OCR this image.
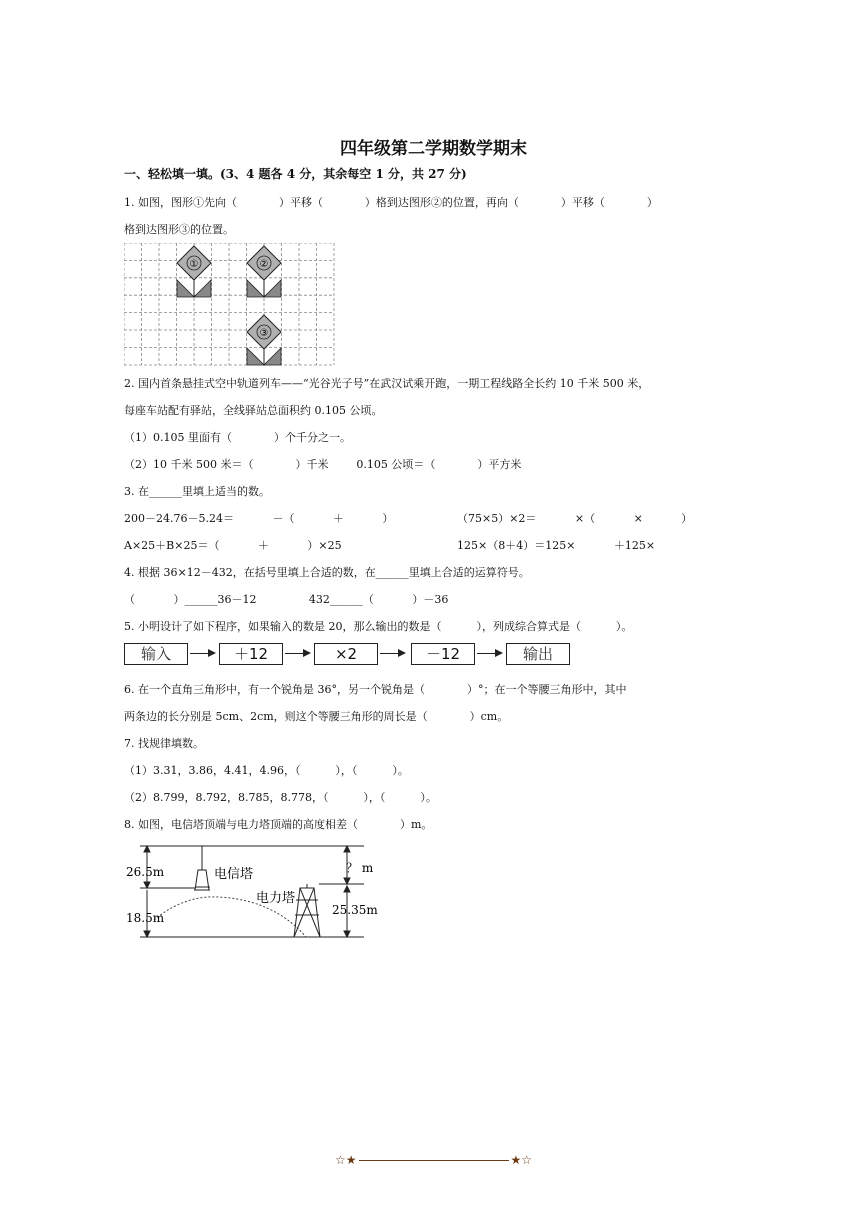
四年级第二学期数学期末
一、轻松填一填。(3、4 题各 4 分，其余每空 1 分，共 27 分)
1. 如图，图形①先向（            ）平移（            ）格到达图形②的位置，再向（            ）平移（            ）
格到达图形③的位置。
①	②
③
2. 国内首条悬挂式空中轨道列车——“光谷光子号”在武汉试乘开跑，一期工程线路全长约 10 千米 500 米，
每座车站配有驿站，全线驿站总面积约 0.105 公顷。
（1）0.105 里面有（            ）个千分之一。
（2）10 千米 500 米＝（            ）千米        0.105 公顷＝（            ）平方米
3. 在______里填上适当的数。
200－24.76－5.24＝           －（           ＋           ）	（75×5）×2＝           ×（           ×           ）
A×25＋B×25＝（           ＋           ）×25	125×（8＋4）＝125×           ＋125×
4. 根据 36×12－432，在括号里填上合适的数，在______里填上合适的运算符号。
（           ）______36－12               432______（           ）－36
5. 小明设计了如下程序，如果输入的数是 20，那么输出的数是（          ），列成综合算式是（          ）。
输入	＋12	×2	－12	输出
6. 在一个直角三角形中，有一个锐角是 36°，另一个锐角是（            ）°；在一个等腰三角形中，其中
两条边的长分别是 5cm、2cm，则这个等腰三角形的周长是（            ）cm。
7. 找规律填数。
（1）3.31，3.86，4.41，4.96，（          ），（          ）。
（2）8.799，8.792，8.785，8.778，（          ），（          ）。
8. 如图，电信塔顶端与电力塔顶端的高度相差（            ）m。
26.5m
18.5m
25.35m
？ m
电信塔
电力塔
☆★	★☆
